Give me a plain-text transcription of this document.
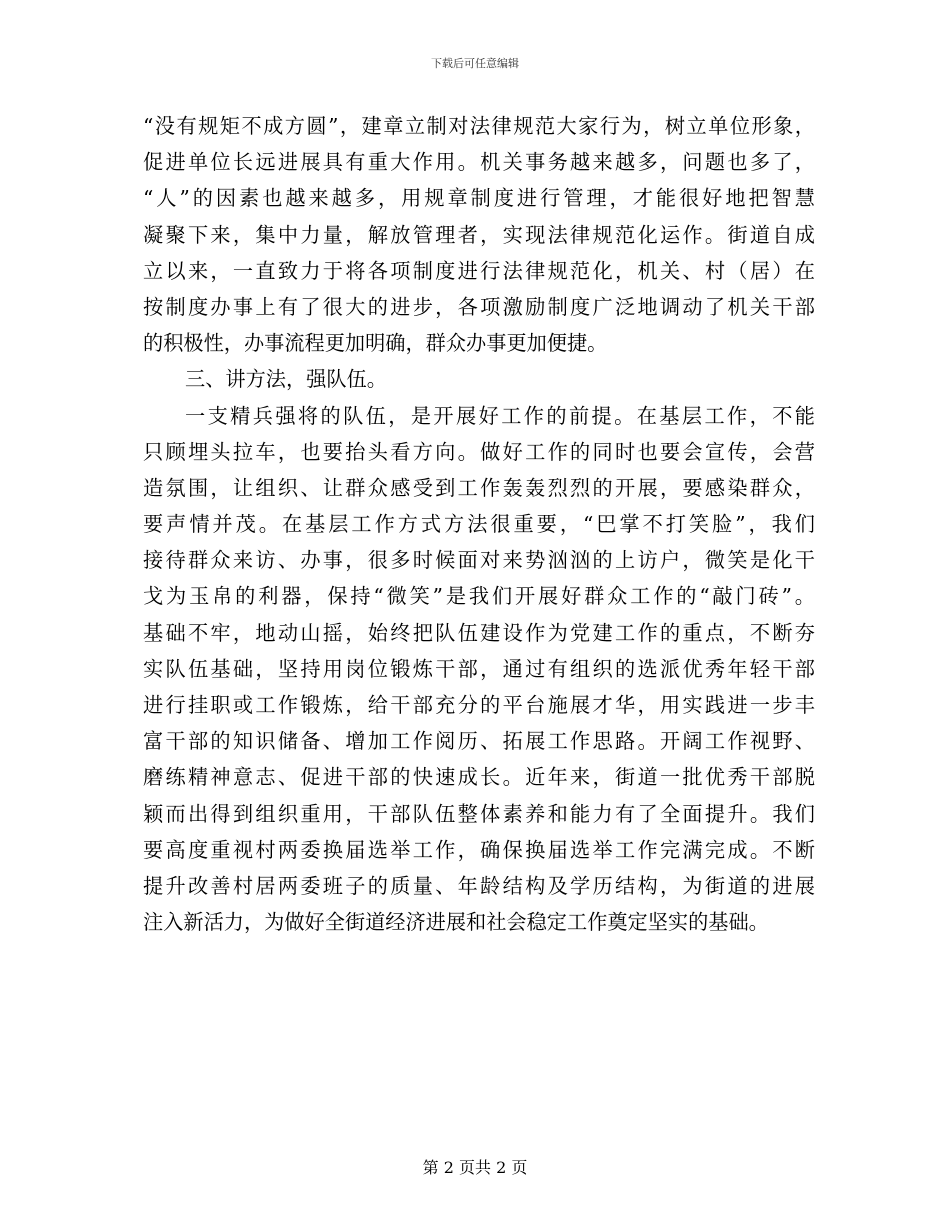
下载后可任意编辑
“没有规矩不成方圆”，建章立制对法律规范大家行为，树立单位形象，
促进单位长远进展具有重大作用。机关事务越来越多，问题也多了，
“人”的因素也越来越多，用规章制度进行管理，才能很好地把智慧
凝聚下来，集中力量，解放管理者，实现法律规范化运作。街道自成
立以来，一直致力于将各项制度进行法律规范化，机关、村（居）在
按制度办事上有了很大的进步，各项激励制度广泛地调动了机关干部
的积极性，办事流程更加明确，群众办事更加便捷。
三、讲方法，强队伍。
一支精兵强将的队伍，是开展好工作的前提。在基层工作，不能
只顾埋头拉车，也要抬头看方向。做好工作的同时也要会宣传，会营
造氛围，让组织、让群众感受到工作轰轰烈烈的开展，要感染群众，
要声情并茂。在基层工作方式方法很重要，“巴掌不打笑脸”，我们
接待群众来访、办事，很多时候面对来势汹汹的上访户，微笑是化干
戈为玉帛的利器，保持“微笑”是我们开展好群众工作的“敲门砖”。
基础不牢，地动山摇，始终把队伍建设作为党建工作的重点，不断夯
实队伍基础，坚持用岗位锻炼干部，通过有组织的选派优秀年轻干部
进行挂职或工作锻炼，给干部充分的平台施展才华，用实践进一步丰
富干部的知识储备、增加工作阅历、拓展工作思路。开阔工作视野、
磨练精神意志、促进干部的快速成长。近年来，街道一批优秀干部脱
颖而出得到组织重用，干部队伍整体素养和能力有了全面提升。我们
要高度重视村两委换届选举工作，确保换届选举工作完满完成。不断
提升改善村居两委班子的质量、年龄结构及学历结构，为街道的进展
注入新活力，为做好全街道经济进展和社会稳定工作奠定坚实的基础。
第 2 页共 2 页
